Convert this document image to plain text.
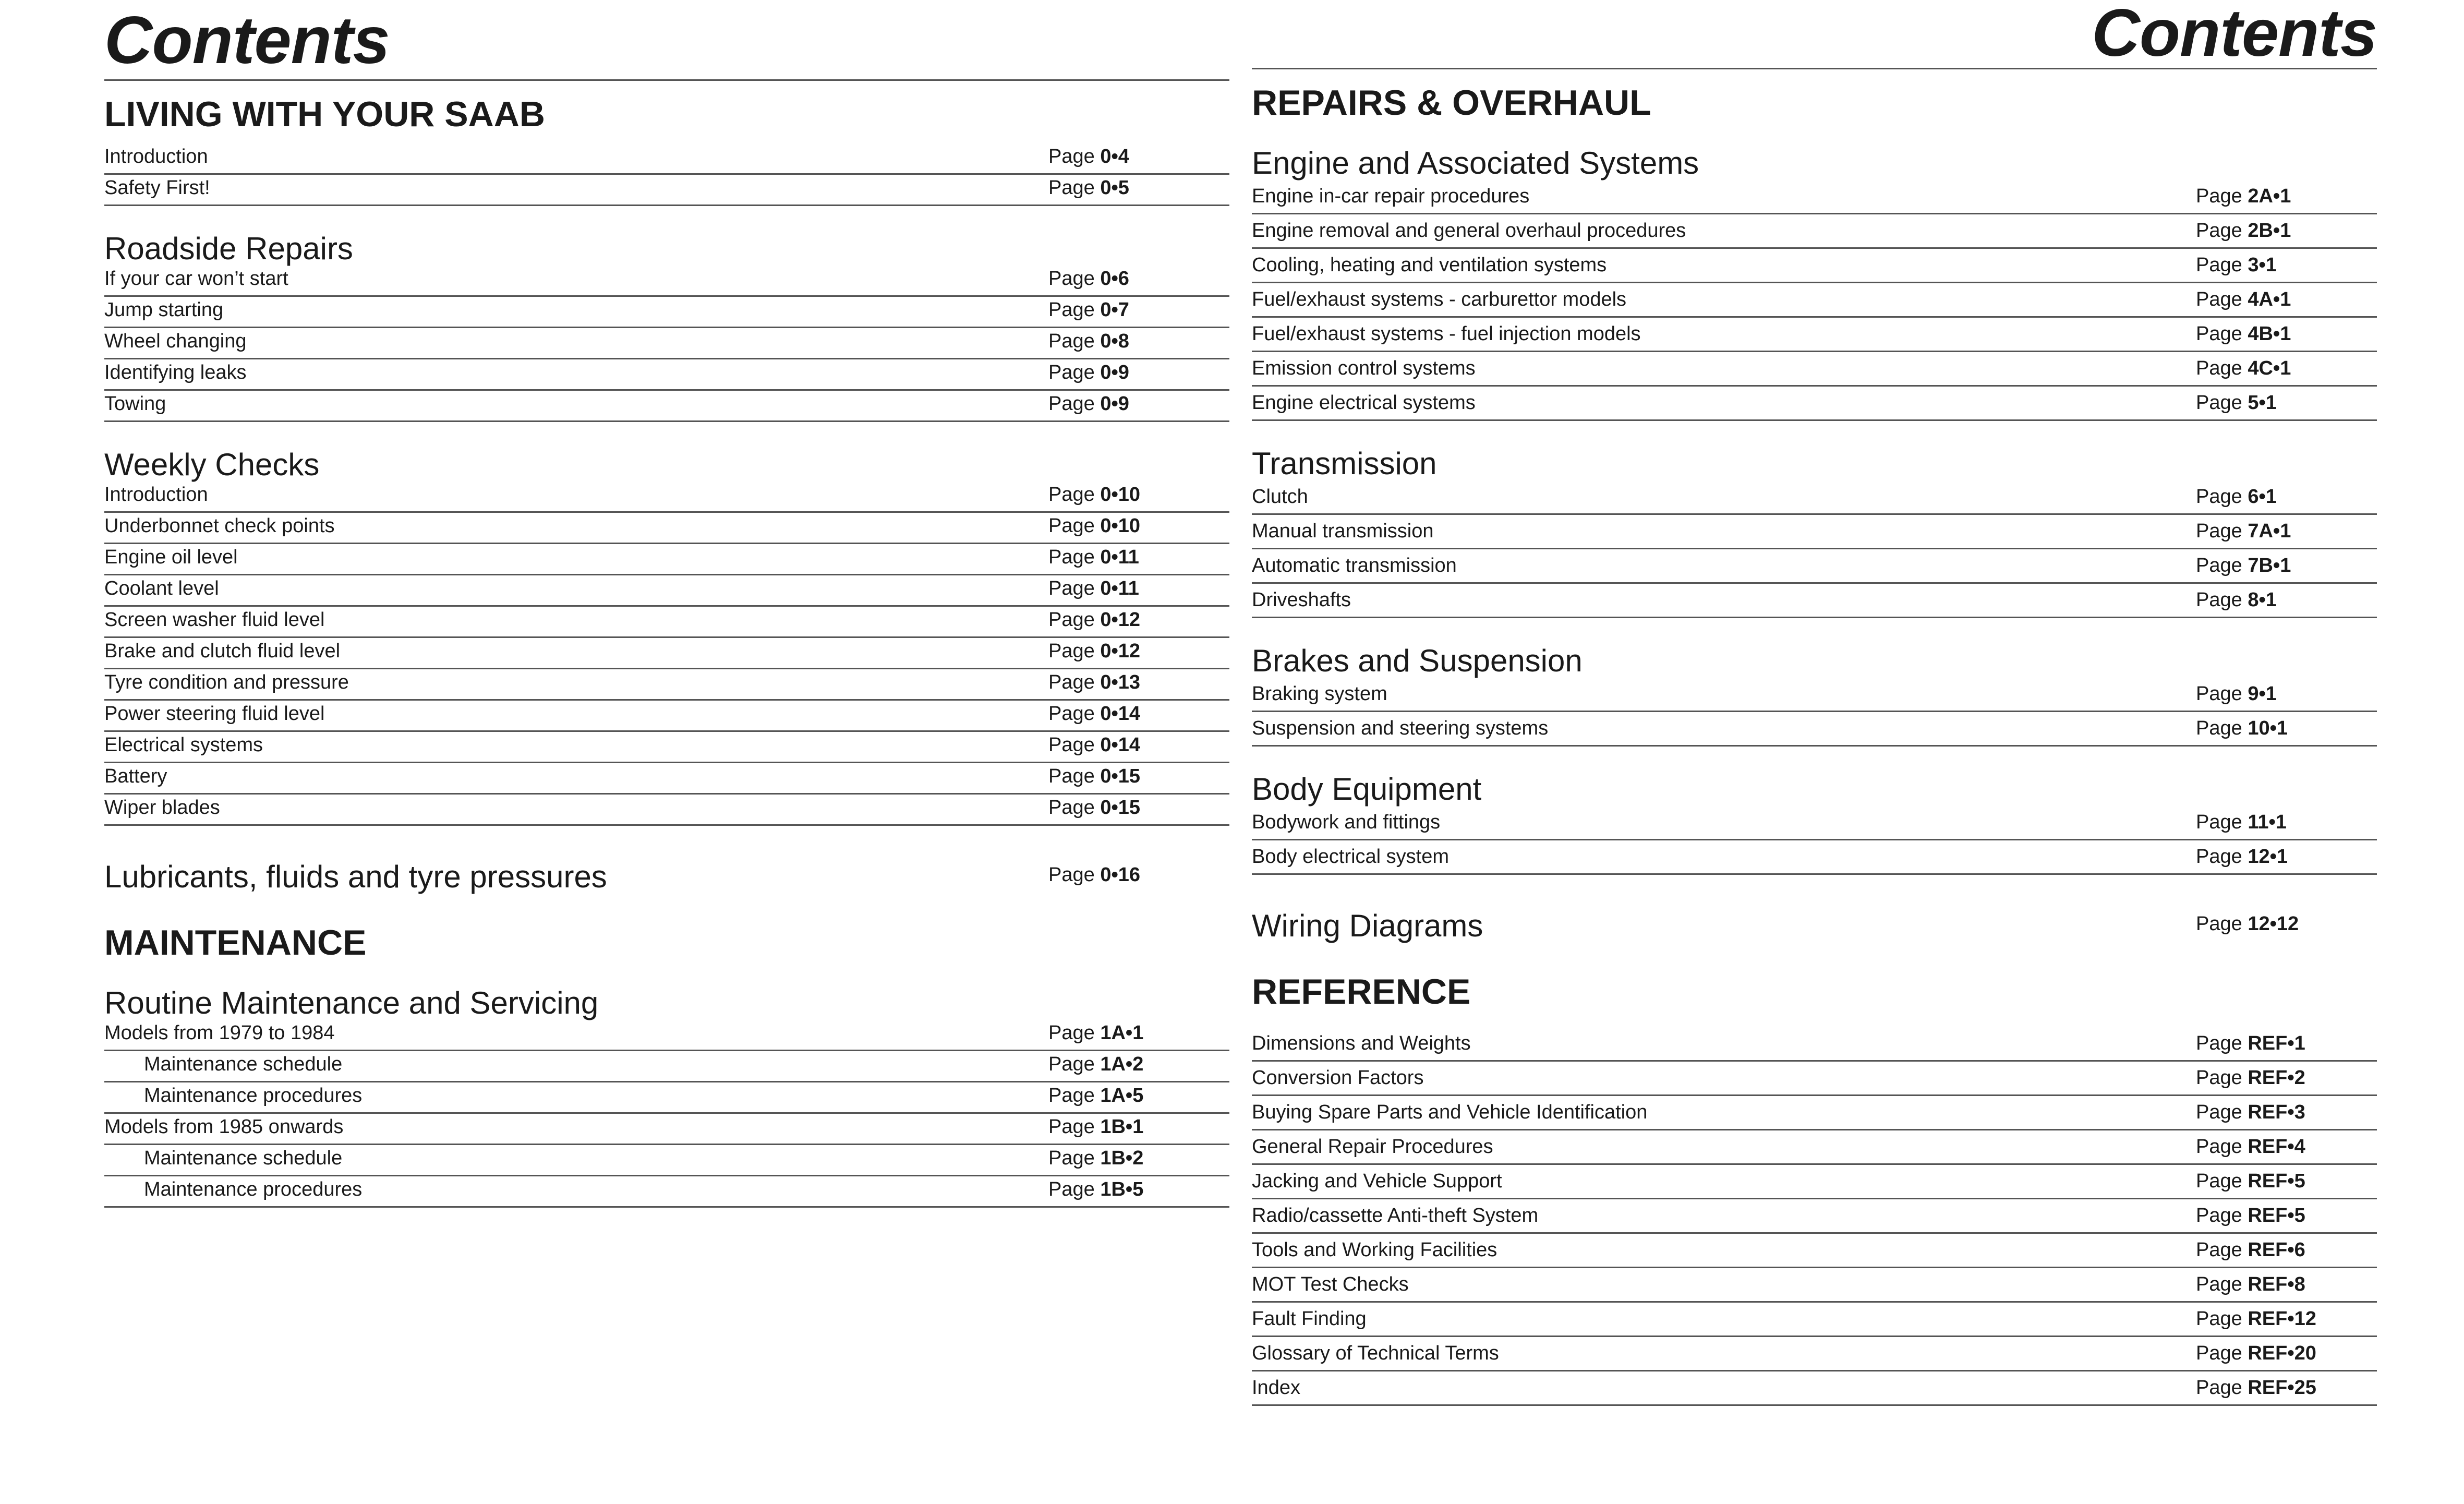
Contents
LIVING WITH YOUR SAAB
Introduction	Page 0•4
Safety First!	Page 0•5
Roadside Repairs
If your car won’t start	Page 0•6
Jump starting	Page 0•7
Wheel changing	Page 0•8
Identifying leaks	Page 0•9
Towing	Page 0•9
Weekly Checks
Introduction	Page 0•10
Underbonnet check points	Page 0•10
Engine oil level	Page 0•11
Coolant level	Page 0•11
Screen washer fluid level	Page 0•12
Brake and clutch fluid level	Page 0•12
Tyre condition and pressure	Page 0•13
Power steering fluid level	Page 0•14
Electrical systems	Page 0•14
Battery	Page 0•15
Wiper blades	Page 0•15
Lubricants, fluids and tyre pressures	Page 0•16
MAINTENANCE
Routine Maintenance and Servicing
Models from 1979 to 1984	Page 1A•1
Maintenance schedule	Page 1A•2
Maintenance procedures	Page 1A•5
Models from 1985 onwards	Page 1B•1
Maintenance schedule	Page 1B•2
Maintenance procedures	Page 1B•5
Contents
REPAIRS & OVERHAUL
Engine and Associated Systems
Engine in-car repair procedures	Page 2A•1
Engine removal and general overhaul procedures	Page 2B•1
Cooling, heating and ventilation systems	Page 3•1
Fuel/exhaust systems - carburettor models	Page 4A•1
Fuel/exhaust systems - fuel injection models	Page 4B•1
Emission control systems	Page 4C•1
Engine electrical systems	Page 5•1
Transmission
Clutch	Page 6•1
Manual transmission	Page 7A•1
Automatic transmission	Page 7B•1
Driveshafts	Page 8•1
Brakes and Suspension
Braking system	Page 9•1
Suspension and steering systems	Page 10•1
Body Equipment
Bodywork and fittings	Page 11•1
Body electrical system	Page 12•1
Wiring Diagrams	Page 12•12
REFERENCE
Dimensions and Weights	Page REF•1
Conversion Factors	Page REF•2
Buying Spare Parts and Vehicle Identification	Page REF•3
General Repair Procedures	Page REF•4
Jacking and Vehicle Support	Page REF•5
Radio/cassette Anti-theft System	Page REF•5
Tools and Working Facilities	Page REF•6
MOT Test Checks	Page REF•8
Fault Finding	Page REF•12
Glossary of Technical Terms	Page REF•20
Index	Page REF•25
